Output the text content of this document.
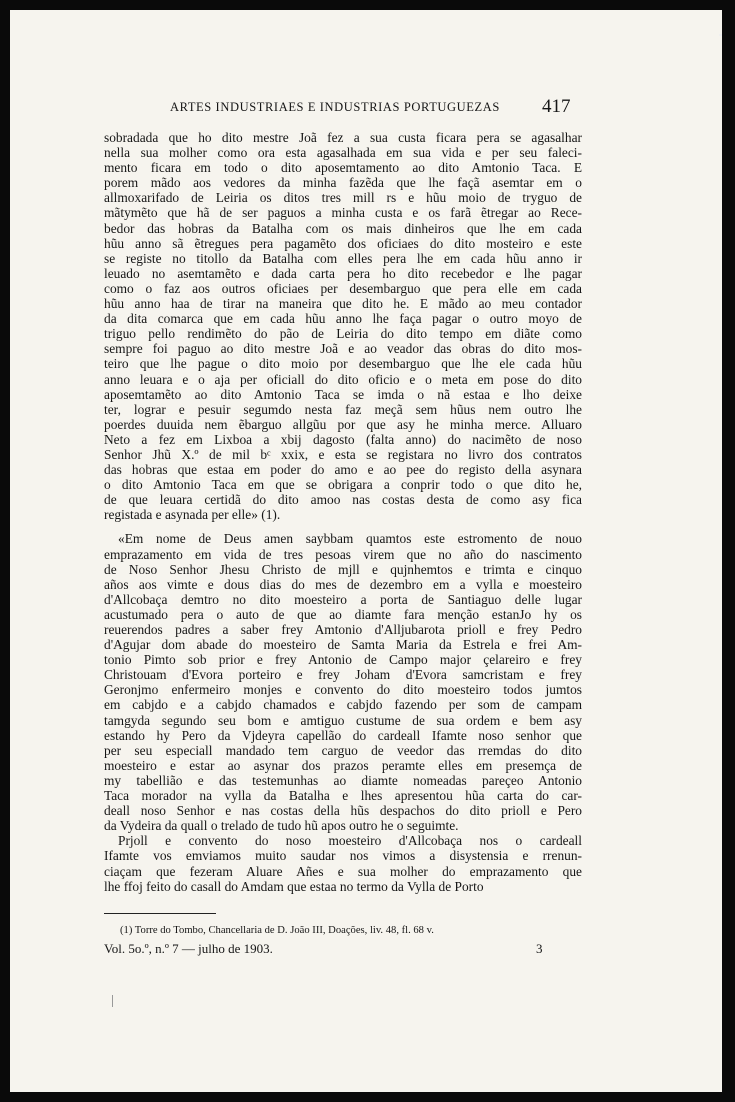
ARTES INDUSTRIAES E INDUSTRIAS PORTUGUEZAS 417
sobradada que ho dito mestre Joã fez a sua custa ficara pera se agasalhar
nella sua molher como ora esta agasalhada em sua vida e per seu faleci-
mento ficara em todo o dito aposemtamento ao dito Amtonio Taca. E
porem mãdo aos vedores da minha fazẽda que lhe façã asemtar em o
allmoxarifado de Leiria os ditos tres mill rs e hũu moio de tryguo de
mãtymẽto que hã de ser paguos a minha custa e os farã ẽtregar ao Rece-
bedor das hobras da Batalha com os mais dinheiros que lhe em cada
hũu anno sã ẽtregues pera pagamẽto dos oficiaes do dito mosteiro e este
se registe no titollo da Batalha com elles pera lhe em cada hũu anno ir
leuado no asemtamẽto e dada carta pera ho dito recebedor e lhe pagar
como o faz aos outros oficiaes per desembarguo que pera elle em cada
hũu anno haa de tirar na maneira que dito he. E mãdo ao meu contador
da dita comarca que em cada hũu anno lhe faça pagar o outro moyo de
triguo pello rendimẽto do pão de Leiria do dito tempo em diãte como
sempre foi paguo ao dito mestre Joã e ao veador das obras do dito mos-
teiro que lhe pague o dito moio por desembarguo que lhe ele cada hũu
anno leuara e o aja per oficiall do dito oficio e o meta em pose do dito
aposemtamẽto ao dito Amtonio Taca se imda o nã estaa e lho deixe
ter, lograr e pesuir segumdo nesta faz meçã sem hũus nem outro lhe
poerdes duuida nem ẽbarguo allgũu por que asy he minha merce. Alluaro
Neto a fez em Lixboa a xbij dagosto (falta anno) do nacimẽto de noso
Senhor Jhũ X.º de mil bᶜ xxix, e esta se registara no livro dos contratos
das hobras que estaa em poder do amo e ao pee do registo della asynara
o dito Amtonio Taca em que se obrigara a conprir todo o que dito he,
de que leuara certidã do dito amoo nas costas desta de como asy fica
registada e asynada per elle» (1).
«Em nome de Deus amen saybbam quamtos este estromento de nouo
emprazamento em vida de tres pesoas virem que no año do nascimento
de Noso Senhor Jhesu Christo de mjll e qujnhemtos e trimta e cinquo
años aos vimte e dous dias do mes de dezembro em a vylla e moesteiro
d'Allcobaça demtro no dito moesteiro a porta de Santiaguo delle lugar
acustumado pera o auto de que ao diamte fara menção estanJo hy os
reuerendos padres a saber frey Amtonio d'Alljubarota prioll e frey Pedro
d'Agujar dom abade do moesteiro de Samta Maria da Estrela e frei Am-
tonio Pimto sob prior e frey Antonio de Campo major çelareiro e frey
Christouam d'Evora porteiro e frey Joham d'Evora samcristam e frey
Geronjmo enfermeiro monjes e convento do dito moesteiro todos jumtos
em cabjdo e a cabjdo chamados e cabjdo fazendo per som de campam
tamgyda segundo seu bom e amtiguo custume de sua ordem e bem asy
estando hy Pero da Vjdeyra capellão do cardeall Ifamte noso senhor que
per seu especiall mandado tem carguo de veedor das rremdas do dito
moesteiro e estar ao asynar dos prazos peramte elles em presemça de
my tabellião e das testemunhas ao diamte nomeadas pareçeo Antonio
Taca morador na vylla da Batalha e lhes apresentou hũa carta do car-
deall noso Senhor e nas costas della hũs despachos do dito prioll e Pero
da Vydeira da quall o trelado de tudo hũ apos outro he o seguimte.
Prjoll e convento do noso moesteiro d'Allcobaça nos o cardeall
Ifamte vos emviamos muito saudar nos vimos a disystensia e rrenun-
ciaçam que fezeram Aluare Añes e sua molher do emprazamento que
lhe ffoj feito do casall do Amdam que estaa no termo da Vylla de Porto
(1) Torre do Tombo, Chancellaria de D. João III, Doações, liv. 48, fl. 68 v.
Vol. 5o.º, n.º 7 — julho de 1903.	3
